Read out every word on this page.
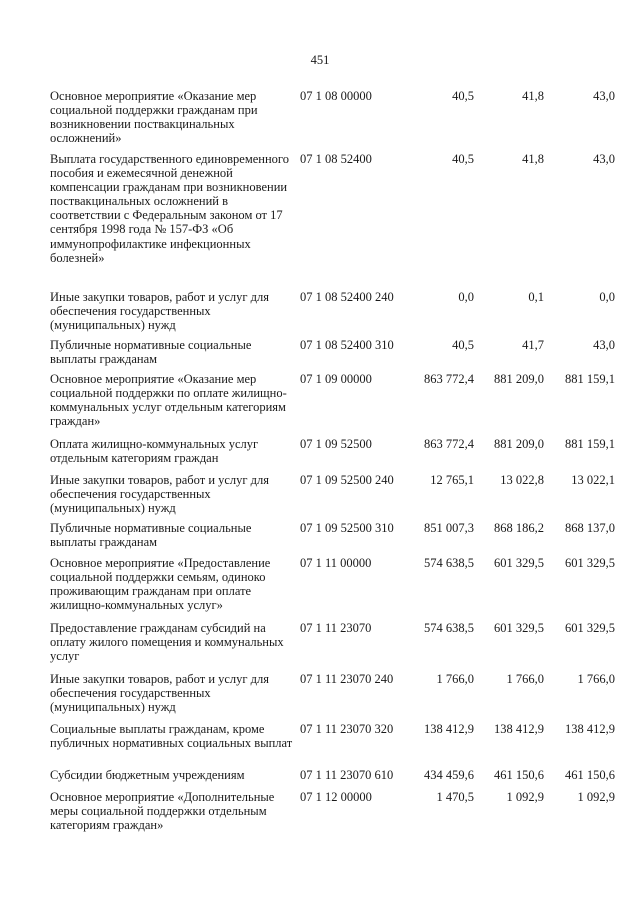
451
Основное мероприятие «Оказание мер социальной поддержки гражданам при возникновении поствакцинальных осложнений»
07 1 08 00000	40,5	41,8	43,0
Выплата государственного единовременного пособия и ежемесячной денежной компенсации гражданам при возникновении поствакцинальных осложнений в соответствии с Федеральным законом от 17 сентября 1998 года № 157-ФЗ «Об иммунопрофилактике инфекционных болезней»
07 1 08 52400	40,5	41,8	43,0
Иные закупки товаров, работ и услуг для обеспечения государственных (муниципальных) нужд
07 1 08 52400 240	0,0	0,1	0,0
Публичные нормативные социальные выплаты гражданам
07 1 08 52400 310	40,5	41,7	43,0
Основное мероприятие «Оказание мер социальной поддержки по оплате жилищно-коммунальных услуг отдельным категориям граждан»
07 1 09 00000	863 772,4	881 209,0	881 159,1
Оплата жилищно-коммунальных услуг отдельным категориям граждан
07 1 09 52500	863 772,4	881 209,0	881 159,1
Иные закупки товаров, работ и услуг для обеспечения государственных (муниципальных) нужд
07 1 09 52500 240	12 765,1	13 022,8	13 022,1
Публичные нормативные социальные выплаты гражданам
07 1 09 52500 310	851 007,3	868 186,2	868 137,0
Основное мероприятие «Предоставление социальной поддержки семьям, одиноко проживающим гражданам при оплате жилищно-коммунальных услуг»
07 1 11 00000	574 638,5	601 329,5	601 329,5
Предоставление гражданам субсидий на оплату жилого помещения и коммунальных услуг
07 1 11 23070	574 638,5	601 329,5	601 329,5
Иные закупки товаров, работ и услуг для обеспечения государственных (муниципальных) нужд
07 1 11 23070 240	1 766,0	1 766,0	1 766,0
Социальные выплаты гражданам, кроме публичных нормативных социальных выплат
07 1 11 23070 320	138 412,9	138 412,9	138 412,9
Субсидии бюджетным учреждениям	07 1 11 23070 610	434 459,6	461 150,6	461 150,6
Основное мероприятие «Дополнительные меры социальной поддержки отдельным категориям граждан»
07 1 12 00000	1 470,5	1 092,9	1 092,9
